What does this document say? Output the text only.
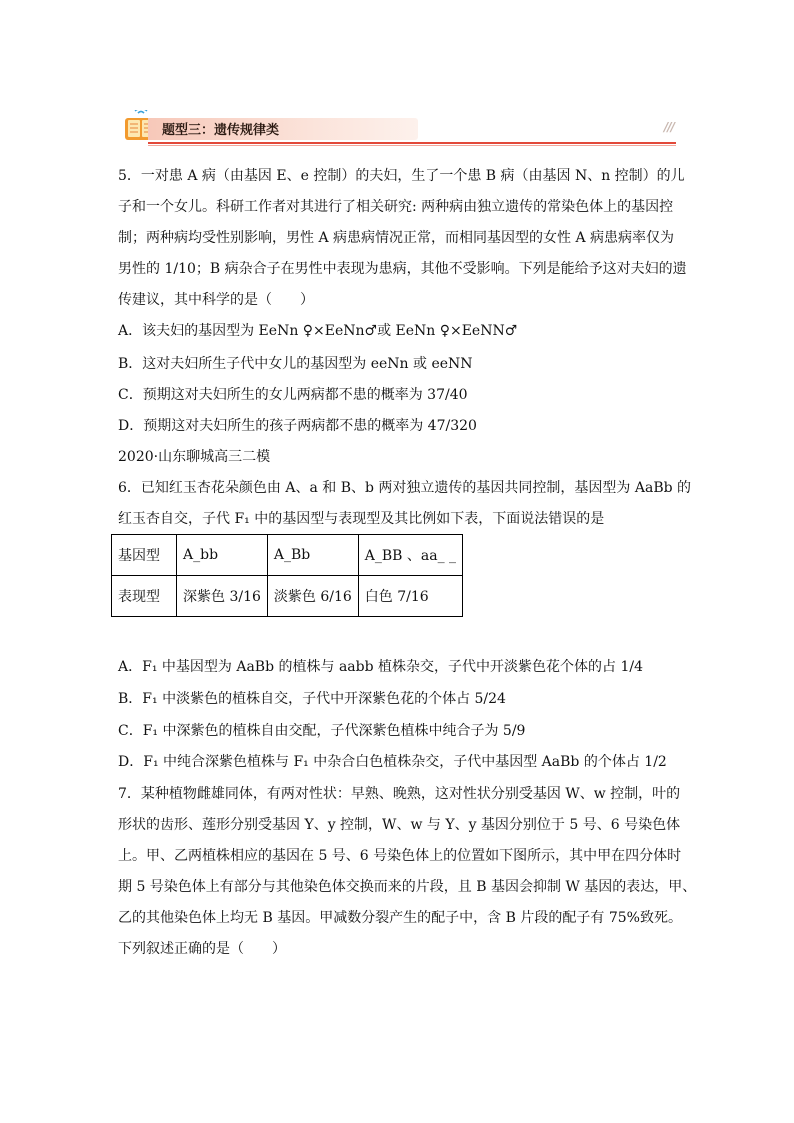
题型三：遗传规律类	///
5．一对患 A 病（由基因 E、e 控制）的夫妇，生了一个患 B 病（由基因 N、n 控制）的儿
子和一个女儿。科研工作者对其进行了相关研究: 两种病由独立遗传的常染色体上的基因控
制；两种病均受性别影响，男性 A 病患病情况正常，而相同基因型的女性 A 病患病率仅为
男性的 1/10；B 病杂合子在男性中表现为患病，其他不受影响。下列是能给予这对夫妇的遗
传建议，其中科学的是（　　）
A．该夫妇的基因型为 EeNn ♀×EeNn♂或 EeNn ♀×EeNN♂
B．这对夫妇所生子代中女儿的基因型为 eeNn 或 eeNN
C．预期这对夫妇所生的女儿两病都不患的概率为 37/40
D．预期这对夫妇所生的孩子两病都不患的概率为 47/320
2020·山东聊城高三二模
6．已知红玉杏花朵颜色由 A、a 和 B、b 两对独立遗传的基因共同控制，基因型为 AaBb 的
红玉杏自交，子代 F₁ 中的基因型与表现型及其比例如下表，下面说法错误的是
基因型	A_bb	A_Bb	A_BB 、aa_ _
表现型	深紫色 3/16	淡紫色 6/16	白色 7/16
A．F₁ 中基因型为 AaBb 的植株与 aabb 植株杂交，子代中开淡紫色花个体的占 1/4
B．F₁ 中淡紫色的植株自交，子代中开深紫色花的个体占 5/24
C．F₁ 中深紫色的植株自由交配，子代深紫色植株中纯合子为 5/9
D．F₁ 中纯合深紫色植株与 F₁ 中杂合白色植株杂交，子代中基因型 AaBb 的个体占 1/2
7．某种植物雌雄同体，有两对性状：早熟、晚熟，这对性状分别受基因 W、w 控制，叶的
形状的齿形、莲形分别受基因 Y、y 控制，W、w 与 Y、y 基因分别位于 5 号、6 号染色体
上。甲、乙两植株相应的基因在 5 号、6 号染色体上的位置如下图所示，其中甲在四分体时
期 5 号染色体上有部分与其他染色体交换而来的片段，且 B 基因会抑制 W 基因的表达，甲、
乙的其他染色体上均无 B 基因。甲减数分裂产生的配子中，含 B 片段的配子有 75%致死。
下列叙述正确的是（　　）
